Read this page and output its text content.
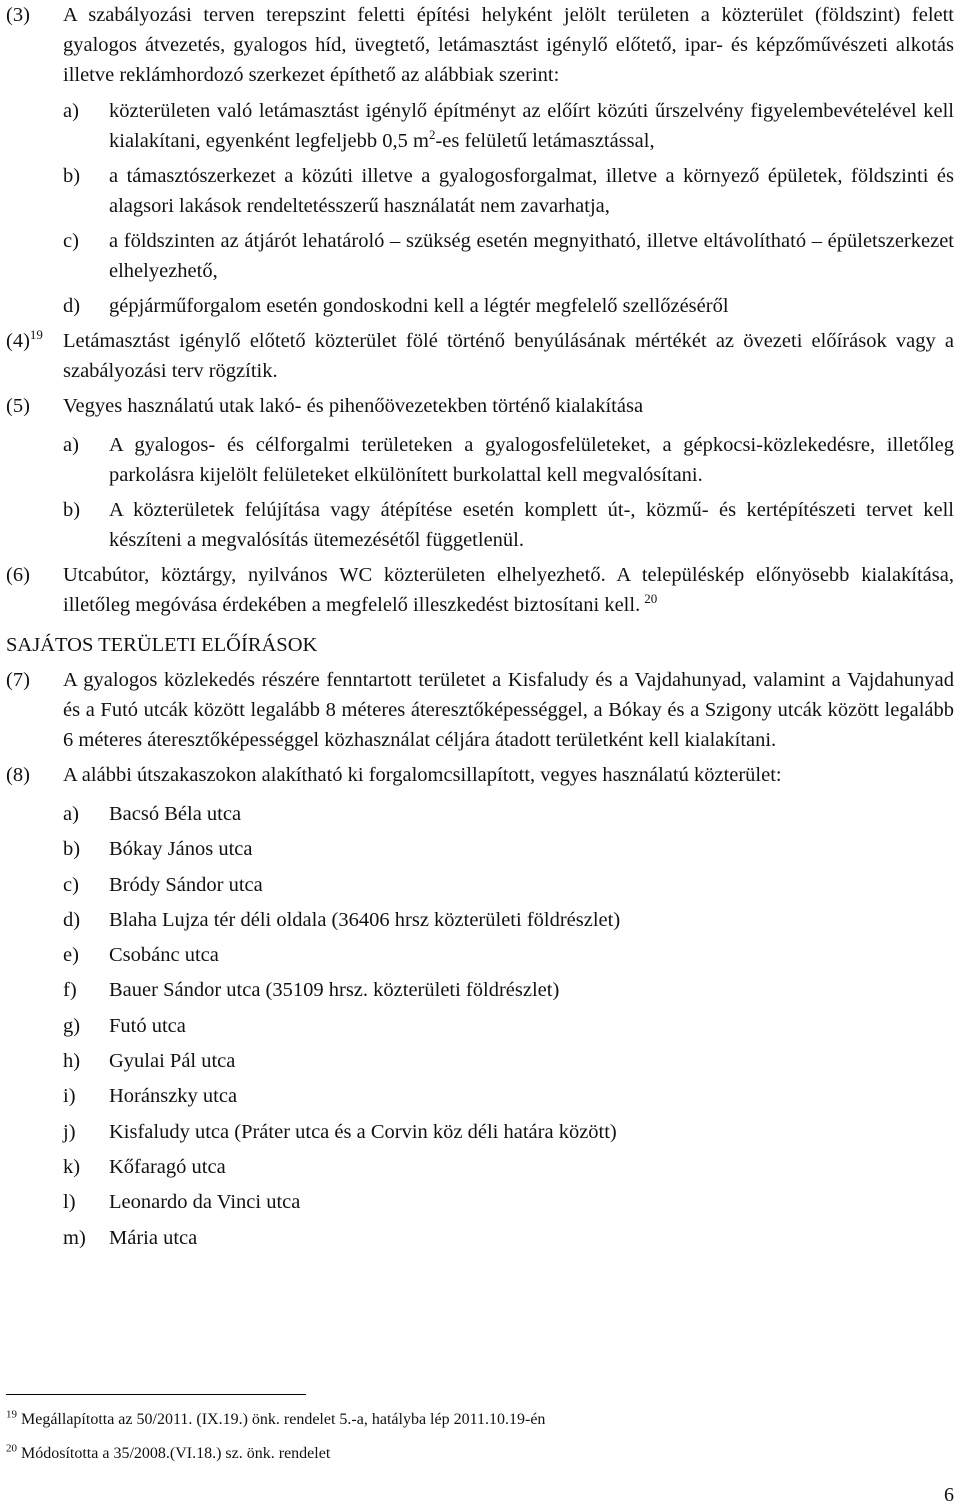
(3) A szabályozási terven terepszint feletti építési helyként jelölt területen a közterület (földszint) felett gyalogos átvezetés, gyalogos híd, üvegtető, letámasztást igénylő előtető, ipar- és képzőművészeti alkotás illetve reklámhordozó szerkezet építhető az alábbiak szerint:
a) közterületen való letámasztást igénylő építményt az előírt közúti űrszelvény figyelembevételével kell kialakítani, egyenként legfeljebb 0,5 $m^2-es$ felületű letámasztással,
b) a támasztószerkezet a közúti illetve a gyalogosforgalmat, illetve a környező épületek, földszinti és alagsori lakások rendeltetésszerű használatát nem zavarhatja,
c) a földszinten az átjárót lehatároló – szükség esetén megnyitható, illetve eltávolítható – épületszerkezet elhelyezhető,
d) gépjárműforgalom esetén gondoskodni kell a légtér megfelelő szellőzéséről
$(4)^{19}$ Letámasztást igénylő előtető közterület fölé történő benyúlásának mértékét az övezeti előírások vagy a szabályozási terv rögzítik.
(5) Vegyes használatú utak lakó- és pihenőövezetekben történő kialakítása
a) A gyalogos- és célforgalmi területeken a gyalogosfelületeket, a gépkocsi-közlekedésre, illetőleg parkolásra kijelölt felületeket elkülönített burkolattal kell megvalósítani.
b) A közterületek felújítása vagy átépítése esetén komplett út-, közmű- és kertépítészeti tervet kell készíteni a megvalósítás ütemezésétől függetlenül.
(6) Utcabútor, köztárgy, nyilvános WC közterületen elhelyezhető. A településkép előnyösebb kialakítása, illetőleg megóvása érdekében a megfelelő illeszkedést biztosítani kell. $^{20}$
SAJÁTOS TERÜLETI ELŐÍRÁSOK
(7) A gyalogos közlekedés részére fenntartott területet a Kisfaludy és a Vajdahunyad, valamint a Vajdahunyad és a Futó utcák között legalább 8 méteres áteresztőképességgel, a Bókay és a Szigony utcák között legalább 6 méteres áteresztőképességgel közhasználat céljára átadott területként kell kialakítani.
(8) A alábbi útszakaszokon alakítható ki forgalomcsillapított, vegyes használatú közterület:
a) Bacsó Béla utca
b) Bókay János utca
c) Bródy Sándor utca
d) Blaha Lujza tér déli oldala (36406 hrsz közterületi földrészlet)
e) Csobánc utca
f) Bauer Sándor utca (35109 hrsz. közterületi földrészlet)
g) Futó utca
h) Gyulai Pál utca
i) Horánszky utca
j) Kisfaludy utca (Práter utca és a Corvin köz déli határa között)
k) Kőfaragó utca
l) Leonardo da Vinci utca
m) Mária utca
$^{19}$ Megállapította az 50/2011. (IX.19.) önk. rendelet 5.-a, hatályba lép 2011.10.19-én
$^{20}$ Módosította a 35/2008.(VI.18.) sz. önk. rendelet
6
